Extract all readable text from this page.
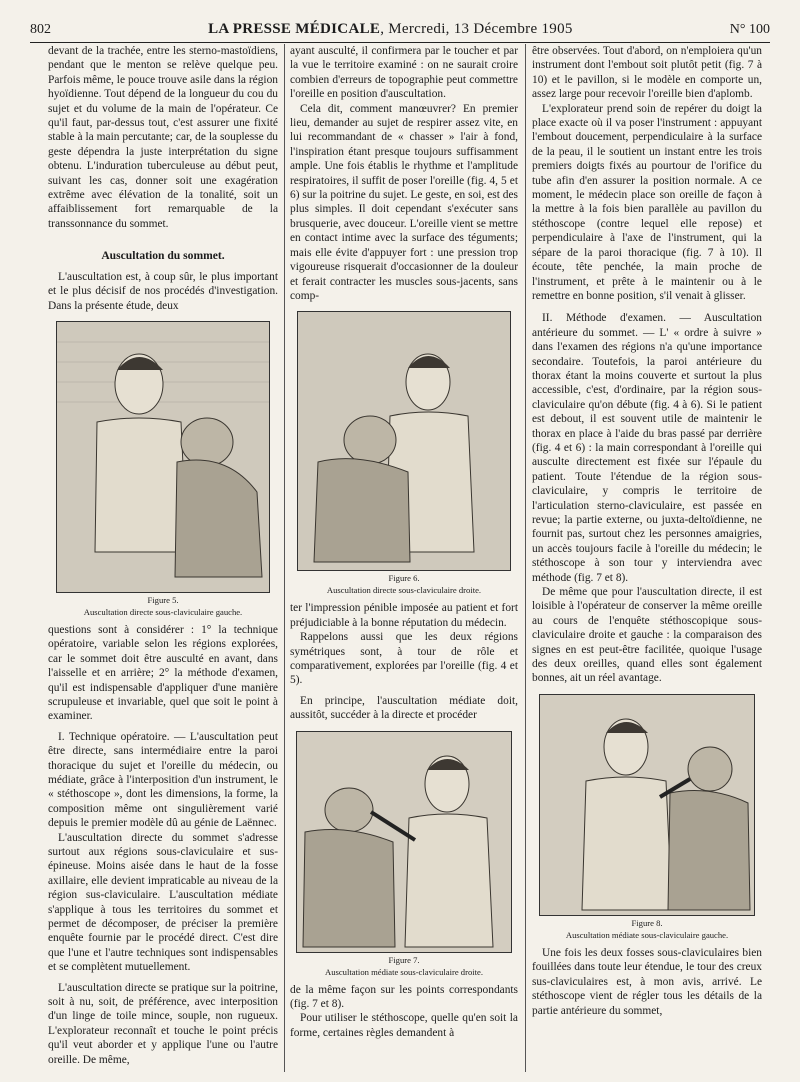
802	LA PRESSE MÉDICALE, Mercredi, 13 Décembre 1905	N° 100

devant de la trachée, entre les sterno-mastoïdiens, pendant que le menton se relève quelque peu. Parfois même, le pouce trouve asile dans la région hyoïdienne. Tout dépend de la longueur du cou du sujet et du volume de la main de l'opérateur. Ce qu'il faut, par-dessus tout, c'est assurer une fixité stable à la main percutante; car, de la souplesse du geste dépendra la juste interprétation du signe obtenu. L'induration tuberculeuse au début peut, suivant les cas, donner soit une exagération extrême avec élévation de la tonalité, soit un affaiblissement fort remarquable de la transsonnance du sommet.

Auscultation du sommet.

L'auscultation est, à coup sûr, le plus important et le plus décisif de nos procédés d'investigation. Dans la présente étude, deux

Figure 5.
Auscultation directe sous-claviculaire gauche.

questions sont à considérer : 1° la technique opératoire, variable selon les régions explorées, car le sommet doit être ausculté en avant, dans l'aisselle et en arrière; 2° la méthode d'examen, qu'il est indispensable d'appliquer d'une manière scrupuleuse et invariable, quel que soit le point à examiner.

I. Technique opératoire. — L'auscultation peut être directe, sans intermédiaire entre la paroi thoracique du sujet et l'oreille du médecin, ou médiate, grâce à l'interposition d'un instrument, le « stéthoscope », dont les dimensions, la forme, la composition même ont singulièrement varié depuis le premier modèle dû au génie de Laënnec.

L'auscultation directe du sommet s'adresse surtout aux régions sous-claviculaire et sus-épineuse. Moins aisée dans le haut de la fosse axillaire, elle devient impraticable au niveau de la région sus-claviculaire. L'auscultation médiate s'applique à tous les territoires du sommet et permet de décomposer, de préciser la première enquête fournie par le procédé direct. C'est dire que l'une et l'autre techniques sont indispensables et se complètent mutuellement.

L'auscultation directe se pratique sur la poitrine, soit à nu, soit, de préférence, avec interposition d'un linge de toile mince, souple, non rugueux. L'explorateur reconnaît et touche le point précis qu'il veut aborder et y applique l'une ou l'autre oreille. De même,

ayant ausculté, il confirmera par le toucher et par la vue le territoire examiné : on ne saurait croire combien d'erreurs de topographie peut commettre l'oreille en position d'auscultation.

Cela dit, comment manœuvrer? En premier lieu, demander au sujet de respirer assez vite, en lui recommandant de « chasser » l'air à fond, l'inspiration étant presque toujours suffisamment ample. Une fois établis le rhythme et l'amplitude respiratoires, il suffit de poser l'oreille (fig. 4, 5 et 6) sur la poitrine du sujet. Le geste, en soi, est des plus simples. Il doit cependant s'exécuter sans brusquerie, avec douceur. L'oreille vient se mettre en contact intime avec la surface des téguments; mais elle évite d'appuyer fort : une pression trop vigoureuse risquerait d'occasionner de la douleur et ferait contracter les muscles sous-jacents, sans comp-

Figure 6.
Auscultation directe sous-claviculaire droite.

ter l'impression pénible imposée au patient et fort préjudiciable à la bonne réputation du médecin.

Rappelons aussi que les deux régions symétriques sont, à tour de rôle et comparativement, explorées par l'oreille (fig. 4 et 5).

En principe, l'auscultation médiate doit, aussitôt, succéder à la directe et procéder

Figure 7.
Auscultation médiate sous-claviculaire droite.

de la même façon sur les points correspondants (fig. 7 et 8).

Pour utiliser le stéthoscope, quelle qu'en soit la forme, certaines règles demandent à

être observées. Tout d'abord, on n'emploiera qu'un instrument dont l'embout soit plutôt petit (fig. 7 à 10) et le pavillon, si le modèle en comporte un, assez large pour recevoir l'oreille bien d'aplomb.

L'explorateur prend soin de repérer du doigt la place exacte où il va poser l'instrument : appuyant l'embout doucement, perpendiculaire à la surface de la peau, il le soutient un instant entre les trois premiers doigts fixés au pourtour de l'orifice du tube afin d'en assurer la position normale. A ce moment, le médecin place son oreille de façon à la mettre à la fois bien parallèle au pavillon du stéthoscope (contre lequel elle repose) et perpendiculaire à l'axe de l'instrument, qui la sépare de la paroi thoracique (fig. 7 à 10). Il écoute, tête penchée, la main proche de l'instrument, et prête à le maintenir ou à le remettre en bonne position, s'il venait à glisser.

II. Méthode d'examen. — Auscultation antérieure du sommet. — L' « ordre à suivre » dans l'examen des régions n'a qu'une importance secondaire. Toutefois, la paroi antérieure du thorax étant la moins couverte et surtout la plus accessible, c'est, d'ordinaire, par la région sous-claviculaire qu'on débute (fig. 4 à 6). Si le patient est debout, il est souvent utile de maintenir le thorax en place à l'aide du bras passé par derrière (fig. 4 et 6) : la main correspondant à l'oreille qui ausculte directement est fixée sur l'épaule du patient. Toute l'étendue de la région sous-claviculaire, y compris le territoire de l'articulation sterno-claviculaire, est passée en revue; la partie externe, ou juxta-deltoïdienne, ne fournit pas, surtout chez les personnes amaigries, un accès toujours facile à l'oreille du médecin; le stéthoscope à son tour y interviendra avec méthode (fig. 7 et 8).

De même que pour l'auscultation directe, il est loisible à l'opérateur de conserver la même oreille au cours de l'enquête stéthoscopique sous-claviculaire droite et gauche : la comparaison des signes en est peut-être facilitée, quoique l'usage des deux oreilles, quand elles sont également bonnes, ait un réel avantage.

Figure 8.
Auscultation médiate sous-claviculaire gauche.

Une fois les deux fosses sous-claviculaires bien fouillées dans toute leur étendue, le tour des creux sus-claviculaires est, à mon avis, arrivé. Le stéthoscope vient de régler tous les détails de la partie antérieure du sommet,
